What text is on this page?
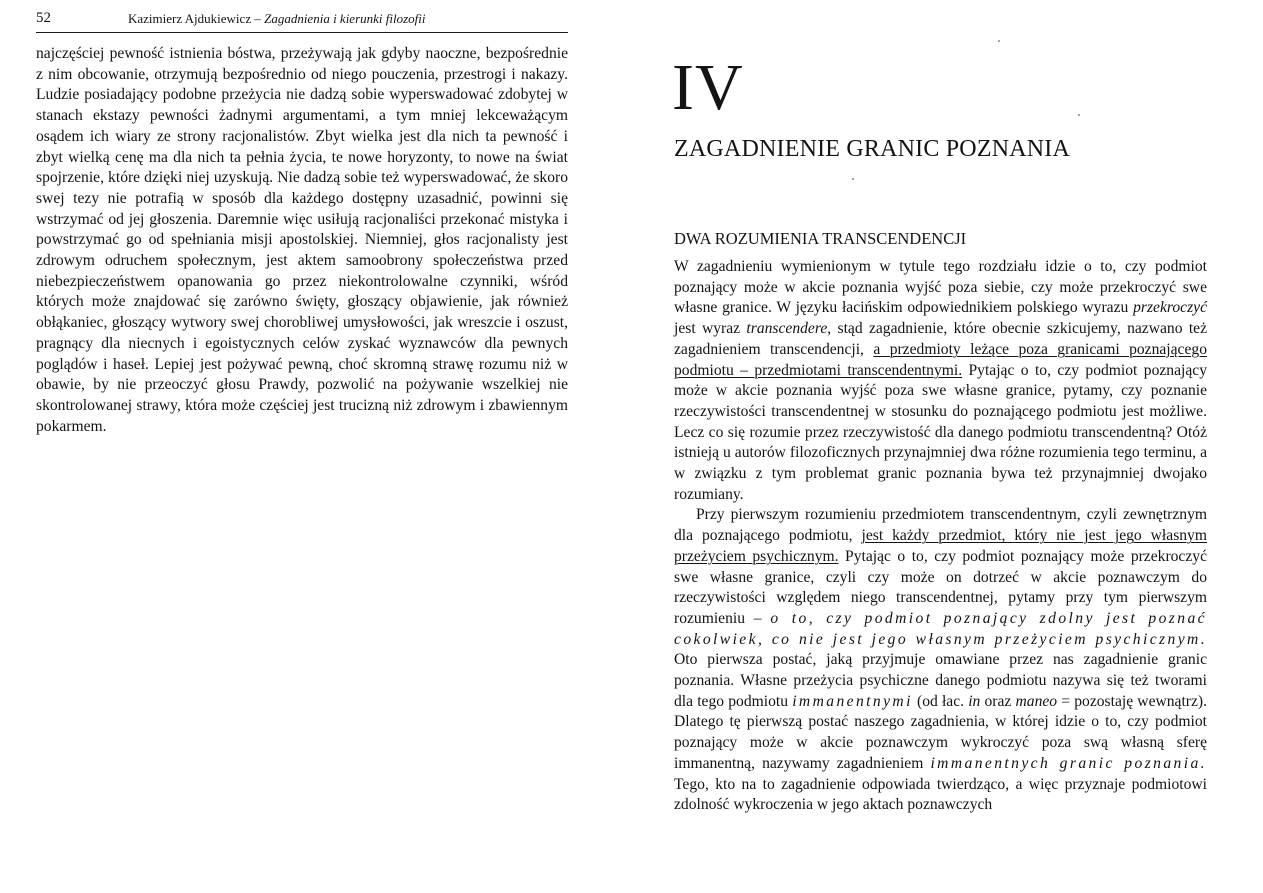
52	Kazimierz Ajdukiewicz – Zagadnienia i kierunki filozofii

najczęściej pewność istnienia bóstwa, przeżywają jak gdyby naoczne, bezpośrednie z nim obcowanie, otrzymują bezpośrednio od niego pouczenia, przestrogi i nakazy. Ludzie posiadający podobne przeżycia nie dadzą sobie wyperswadować zdobytej w stanach ekstazy pewności żadnymi argumentami, a tym mniej lekceważącym osądem ich wiary ze strony racjonalistów. Zbyt wielka jest dla nich ta pewność i zbyt wielką cenę ma dla nich ta pełnia życia, te nowe horyzonty, to nowe na świat spojrzenie, które dzięki niej uzyskują. Nie dadzą sobie też wyperswadować, że skoro swej tezy nie potrafią w sposób dla każdego dostępny uzasadnić, powinni się wstrzymać od jej głoszenia. Daremnie więc usiłują racjonaliści przekonać mistyka i powstrzymać go od spełniania misji apostolskiej. Niemniej, głos racjonalisty jest zdrowym odruchem społecznym, jest aktem samoobrony społeczeństwa przed niebezpieczeństwem opanowania go przez niekontrolowalne czynniki, wśród których może znajdować się zarówno święty, głoszący objawienie, jak również obłąkaniec, głoszący wytwory swej chorobliwej umysłowości, jak wreszcie i oszust, pragnący dla niecnych i egoistycznych celów zyskać wyznawców dla pewnych poglądów i haseł. Lepiej jest pożywać pewną, choć skromną strawę rozumu niż w obawie, by nie przeoczyć głosu Prawdy, pozwolić na pożywanie wszelkiej nie skontrolowanej strawy, która może częściej jest trucizną niż zdrowym i zbawiennym pokarmem.

IV
ZAGADNIENIE GRANIC POZNANIA
DWA ROZUMIENIA TRANSCENDENCJI

W zagadnieniu wymienionym w tytule tego rozdziału idzie o to, czy podmiot poznający może w akcie poznania wyjść poza siebie, czy może przekroczyć swe własne granice. W języku łacińskim odpowiednikiem polskiego wyrazu przekroczyć jest wyraz transcendere, stąd zagadnienie, które obecnie szkicujemy, nazwano też zagadnieniem transcendencji, a przedmioty leżące poza granicami poznającego podmiotu – przedmiotami transcendentnymi. Pytając o to, czy podmiot poznający może w akcie poznania wyjść poza swe własne granice, pytamy, czy poznanie rzeczywistości transcendentnej w stosunku do poznającego podmiotu jest możliwe. Lecz co się rozumie przez rzeczywistość dla danego podmiotu transcendentną? Otóż istnieją u autorów filozoficznych przynajmniej dwa różne rozumienia tego terminu, a w związku z tym problemat granic poznania bywa też przynajmniej dwojako rozumiany.

Przy pierwszym rozumieniu przedmiotem transcendentnym, czyli zewnętrznym dla poznającego podmiotu, jest każdy przedmiot, który nie jest jego własnym przeżyciem psychicznym. Pytając o to, czy podmiot poznający może przekroczyć swe własne granice, czyli czy może on dotrzeć w akcie poznawczym do rzeczywistości względem niego transcendentnej, pytamy przy tym pierwszym rozumieniu – o to, czy podmiot poznający zdolny jest poznać cokolwiek, co nie jest jego własnym przeżyciem psychicznym. Oto pierwsza postać, jaką przyjmuje omawiane przez nas zagadnienie granic poznania. Własne przeżycia psychiczne danego podmiotu nazywa się też tworami dla tego podmiotu immanentnymi (od łac. in oraz maneo = pozostaję wewnątrz). Dlatego tę pierwszą postać naszego zagadnienia, w której idzie o to, czy podmiot poznający może w akcie poznawczym wykroczyć poza swą własną sferę immanentną, nazywamy zagadnieniem immanentnych granic poznania. Tego, kto na to zagadnienie odpowiada twierdząco, a więc przyznaje podmiotowi zdolność wykroczenia w jego aktach poznawczych
